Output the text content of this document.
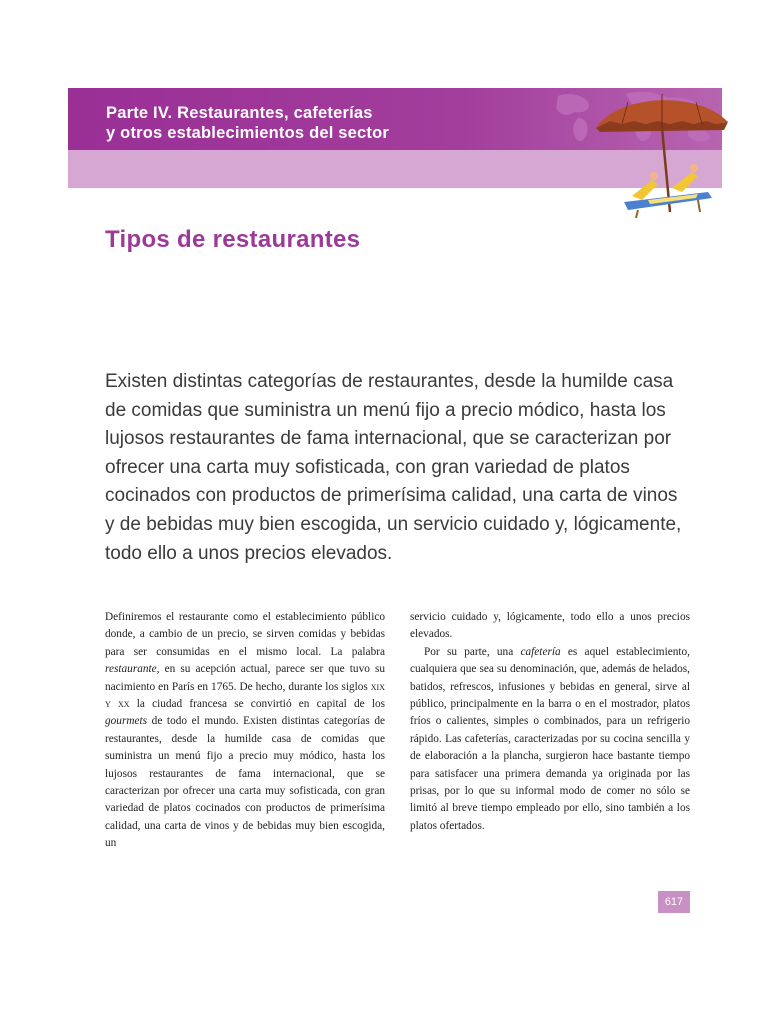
Parte IV. Restaurantes, cafeterías
y otros establecimientos del sector
Tipos de restaurantes

Existen distintas categorías de restaurantes, desde la humilde casa de comidas que suministra un menú fijo a precio módico, hasta los lujosos restaurantes de fama internacional, que se caracterizan por ofrecer una carta muy sofisticada, con gran variedad de platos cocinados con productos de primerísima calidad, una carta de vinos y de bebidas muy bien escogida, un servicio cuidado y, lógicamente, todo ello a unos precios elevados.

Definiremos el restaurante como el establecimiento público donde, a cambio de un precio, se sirven comidas y bebidas para ser consumidas en el mismo local. La palabra restaurante, en su acepción actual, parece ser que tuvo su nacimiento en París en 1765. De hecho, durante los siglos xix y xx la ciudad francesa se convirtió en capital de los gourmets de todo el mundo. Existen distintas categorías de restaurantes, desde la humilde casa de comidas que suministra un menú fijo a precio muy módico, hasta los lujosos restaurantes de fama internacional, que se caracterizan por ofrecer una carta muy sofisticada, con gran variedad de platos cocinados con productos de primerísima calidad, una carta de vinos y de bebidas muy bien escogida, un

servicio cuidado y, lógicamente, todo ello a unos precios elevados.

Por su parte, una cafetería es aquel establecimiento, cualquiera que sea su denominación, que, además de helados, batidos, refrescos, infusiones y bebidas en general, sirve al público, principalmente en la barra o en el mostrador, platos fríos o calientes, simples o combinados, para un refrigerio rápido. Las cafeterías, caracterizadas por su cocina sencilla y de elaboración a la plancha, surgieron hace bastante tiempo para satisfacer una primera demanda ya originada por las prisas, por lo que su informal modo de comer no sólo se limitó al breve tiempo empleado por ello, sino también a los platos ofertados.

617
